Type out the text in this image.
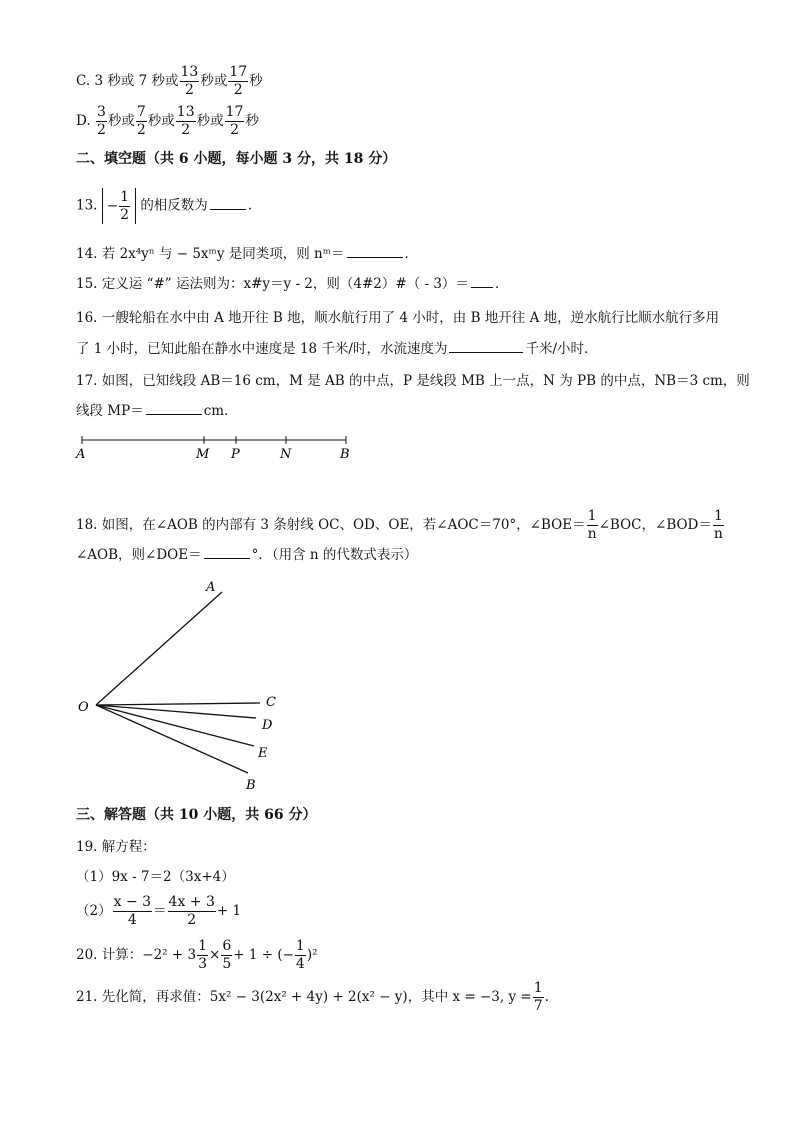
C. 3 秒或 7 秒或 $\frac{13}{2}$ 秒或 $\frac{17}{2}$ 秒
D. $\frac{3}{2}$ 秒或 $\frac{7}{2}$ 秒或 $\frac{13}{2}$ 秒或 $\frac{17}{2}$ 秒
二、填空题（共 6 小题，每小题 3 分，共 18 分）
13. − $\frac{1}{2}$ 的相反数为	.
14. 若 2x⁴yⁿ 与 − 5xᵐy 是同类项，则 nᵐ＝	．
15. 定义运 “#” 运法则为：x#y＝y - 2，则（4#2）#（ - 3）＝ ．
16. 一艘轮船在水中由 A 地开往 B 地，顺水航行用了 4 小时，由 B 地开往 A 地，逆水航行比顺水航行多用
了 1 小时，已知此船在静水中速度是 18 千米/时，水流速度为	千米/小时．
17. 如图，已知线段 AB＝16 cm，M 是 AB 的中点，P 是线段 MB 上一点，N 为 PB 的中点，NB＝3 cm，则
线段 MP＝	cm．
A	M P	N	B
18. 如图，在∠AOB 的内部有 3 条射线 OC、OD、OE，若∠AOC＝70°，∠BOE＝ $\frac{1}{n}$ ∠BOC，∠BOD＝ $\frac{1}{n}$
∠AOB，则∠DOE＝	°．（用含 n 的代数式表示）
O
A
C
D
E
B
三、解答题（共 10 小题，共 66 分）
19. 解方程：
（1）9x - 7＝2（3x+4）
$(2) \frac{x - 3}{4} = \frac{4x + 3}{2} + 1$
20. 计算：$-2^2 + 3 \frac{1}{3} \times \frac{6}{5} + 1$ ÷ (− $\frac{1}{4} )^2$
21. 先化简，再求值：5x² − 3(2x² + 4y) + 2(x² − y)，其中 x = −3, $y = \frac{1}{7}$ .
